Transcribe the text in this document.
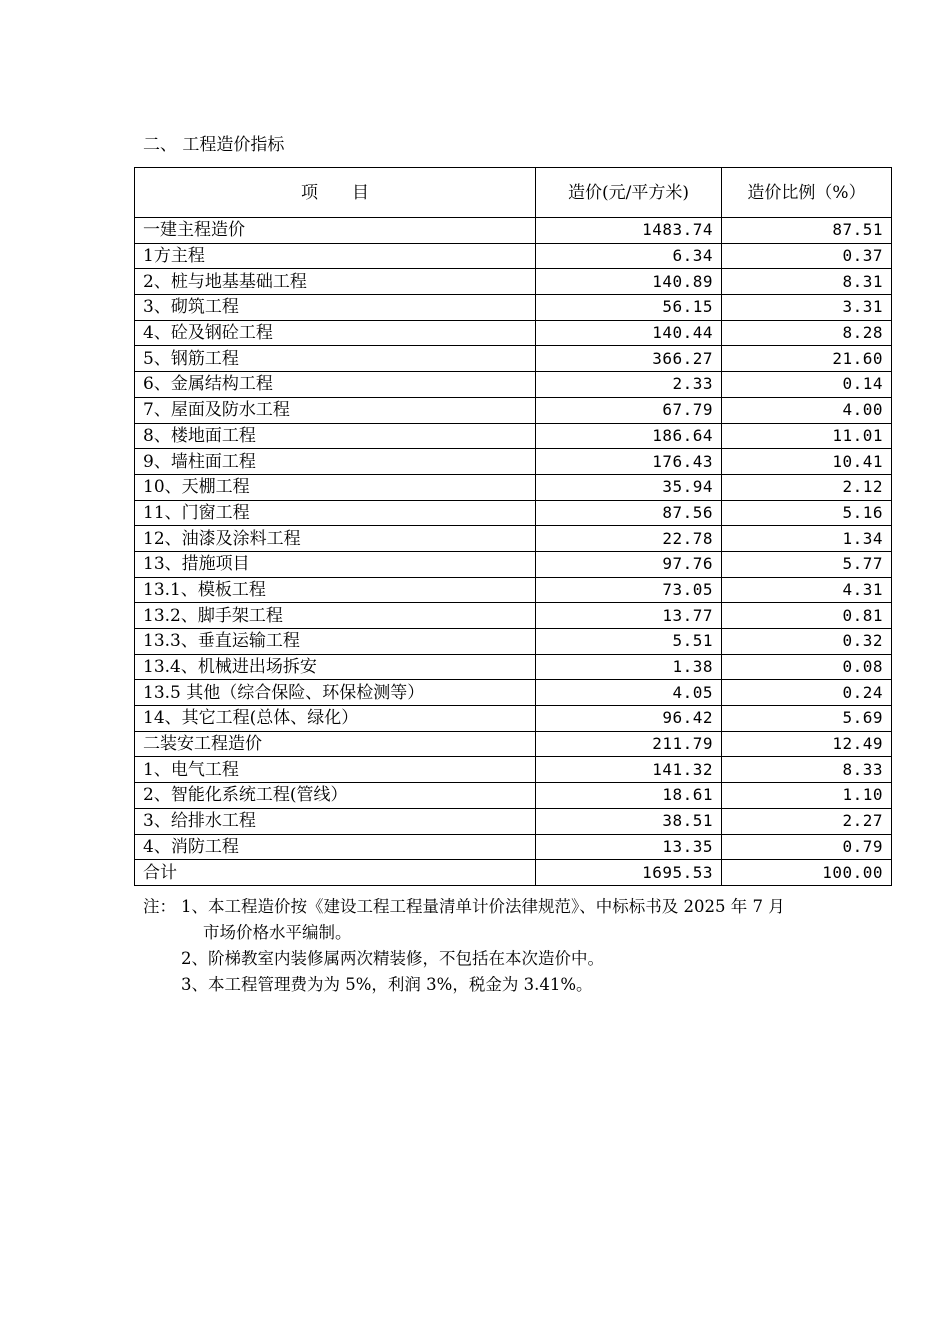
二、 工程造价指标
项　　目	造价(元/平方米)	造价比例（%）
一建主程造价	1483.74	87.51
1方主程	6.34	0.37
2、桩与地基基础工程	140.89	8.31
3、砌筑工程	56.15	3.31
4、砼及钢砼工程	140.44	8.28
5、钢筋工程	366.27	21.60
6、金属结构工程	2.33	0.14
7、屋面及防水工程	67.79	4.00
8、楼地面工程	186.64	11.01
9、墙柱面工程	176.43	10.41
10、天棚工程	35.94	2.12
11、门窗工程	87.56	5.16
12、油漆及涂料工程	22.78	1.34
13、措施项目	97.76	5.77
13.1、模板工程	73.05	4.31
13.2、脚手架工程	13.77	0.81
13.3、垂直运输工程	5.51	0.32
13.4、机械进出场拆安	1.38	0.08
13.5 其他（综合保险、环保检测等）	4.05	0.24
14、其它工程(总体、绿化）	96.42	5.69
二装安工程造价	211.79	12.49
1、电气工程	141.32	8.33
2、智能化系统工程(管线）	18.61	1.10
3、给排水工程	38.51	2.27
4、消防工程	13.35	0.79
合计	1695.53	100.00
注： 1、本工程造价按《建设工程工程量清单计价法律规范》、中标标书及 2025 年 7 月
市场价格水平编制。
2、阶梯教室内装修属两次精装修，不包括在本次造价中。
3、本工程管理费为为 5%，利润 3%，税金为 3.41%。
